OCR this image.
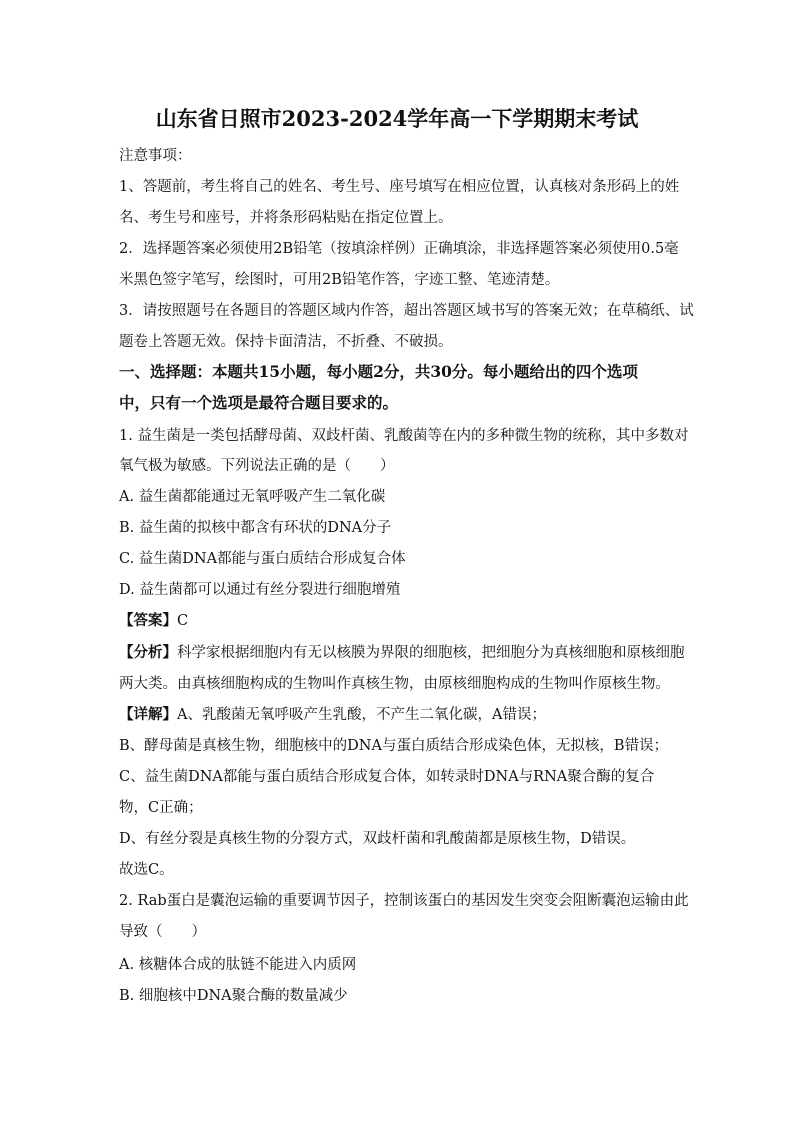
山东省日照市2023-2024学年高一下学期期末考试
注意事项：
1、答题前，考生将自己的姓名、考生号、座号填写在相应位置，认真核对条形码上的姓
名、考生号和座号，并将条形码粘贴在指定位置上。
2．选择题答案必须使用2B铅笔（按填涂样例）正确填涂，非选择题答案必须使用0.5毫
米黑色签字笔写，绘图时，可用2B铅笔作答，字迹工整、笔迹清楚。
3．请按照题号在各题目的答题区域内作答，超出答题区域书写的答案无效；在草稿纸、试
题卷上答题无效。保持卡面清洁，不折叠、不破损。
一、选择题：本题共15小题，每小题2分，共30分。每小题给出的四个选项
中，只有一个选项是最符合题目要求的。
1. 益生菌是一类包括酵母菌、双歧杆菌、乳酸菌等在内的多种微生物的统称，其中多数对
氧气极为敏感。下列说法正确的是（　　）
A. 益生菌都能通过无氧呼吸产生二氧化碳
B. 益生菌的拟核中都含有环状的DNA分子
C. 益生菌DNA都能与蛋白质结合形成复合体
D. 益生菌都可以通过有丝分裂进行细胞增殖
【答案】C
【分析】科学家根据细胞内有无以核膜为界限的细胞核，把细胞分为真核细胞和原核细胞
两大类。由真核细胞构成的生物叫作真核生物，由原核细胞构成的生物叫作原核生物。
【详解】A、乳酸菌无氧呼吸产生乳酸，不产生二氧化碳，A错误；
B、酵母菌是真核生物，细胞核中的DNA与蛋白质结合形成染色体，无拟核，B错误；
C、益生菌DNA都能与蛋白质结合形成复合体，如转录时DNA与RNA聚合酶的复合
物，C正确；
D、有丝分裂是真核生物的分裂方式，双歧杆菌和乳酸菌都是原核生物，D错误。
故选C。
2. Rab蛋白是囊泡运输的重要调节因子，控制该蛋白的基因发生突变会阻断囊泡运输由此
导致（　　）
A. 核糖体合成的肽链不能进入内质网
B. 细胞核中DNA聚合酶的数量减少
